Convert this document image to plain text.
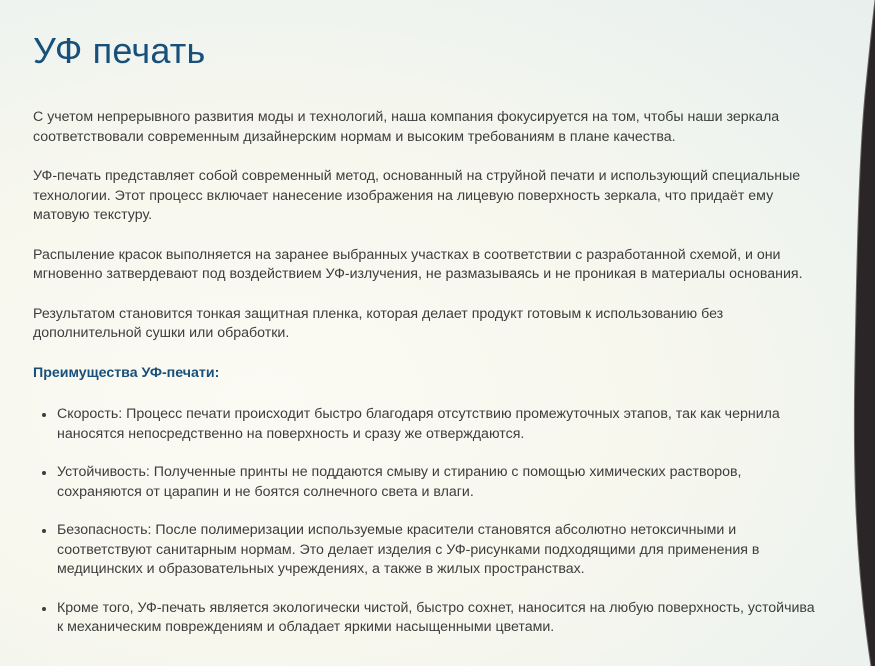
УФ печать

С учетом непрерывного развития моды и технологий, наша компания фокусируется на том, чтобы наши зеркала соответствовали современным дизайнерским нормам и высоким требованиям в плане качества.

УФ-печать представляет собой современный метод, основанный на струйной печати и использующий специальные технологии. Этот процесс включает нанесение изображения на лицевую поверхность зеркала, что придаёт ему матовую текстуру.

Распыление красок выполняется на заранее выбранных участках в соответствии с разработанной схемой, и они мгновенно затвердевают под воздействием УФ-излучения, не размазываясь и не проникая в материалы основания.

Результатом становится тонкая защитная пленка, которая делает продукт готовым к использованию без дополнительной сушки или обработки.

Преимущества УФ-печати:

Скорость: Процесс печати происходит быстро благодаря отсутствию промежуточных этапов, так как чернила наносятся непосредственно на поверхность и сразу же отверждаются.
Устойчивость: Полученные принты не поддаются смыву и стиранию с помощью химических растворов, сохраняются от царапин и не боятся солнечного света и влаги.
Безопасность: После полимеризации используемые красители становятся абсолютно нетоксичными и соответствуют санитарным нормам. Это делает изделия с УФ-рисунками подходящими для применения в медицинских и образовательных учреждениях, а также в жилых пространствах.
Кроме того, УФ-печать является экологически чистой, быстро сохнет, наносится на любую поверхность, устойчива к механическим повреждениям и обладает яркими насыщенными цветами.
